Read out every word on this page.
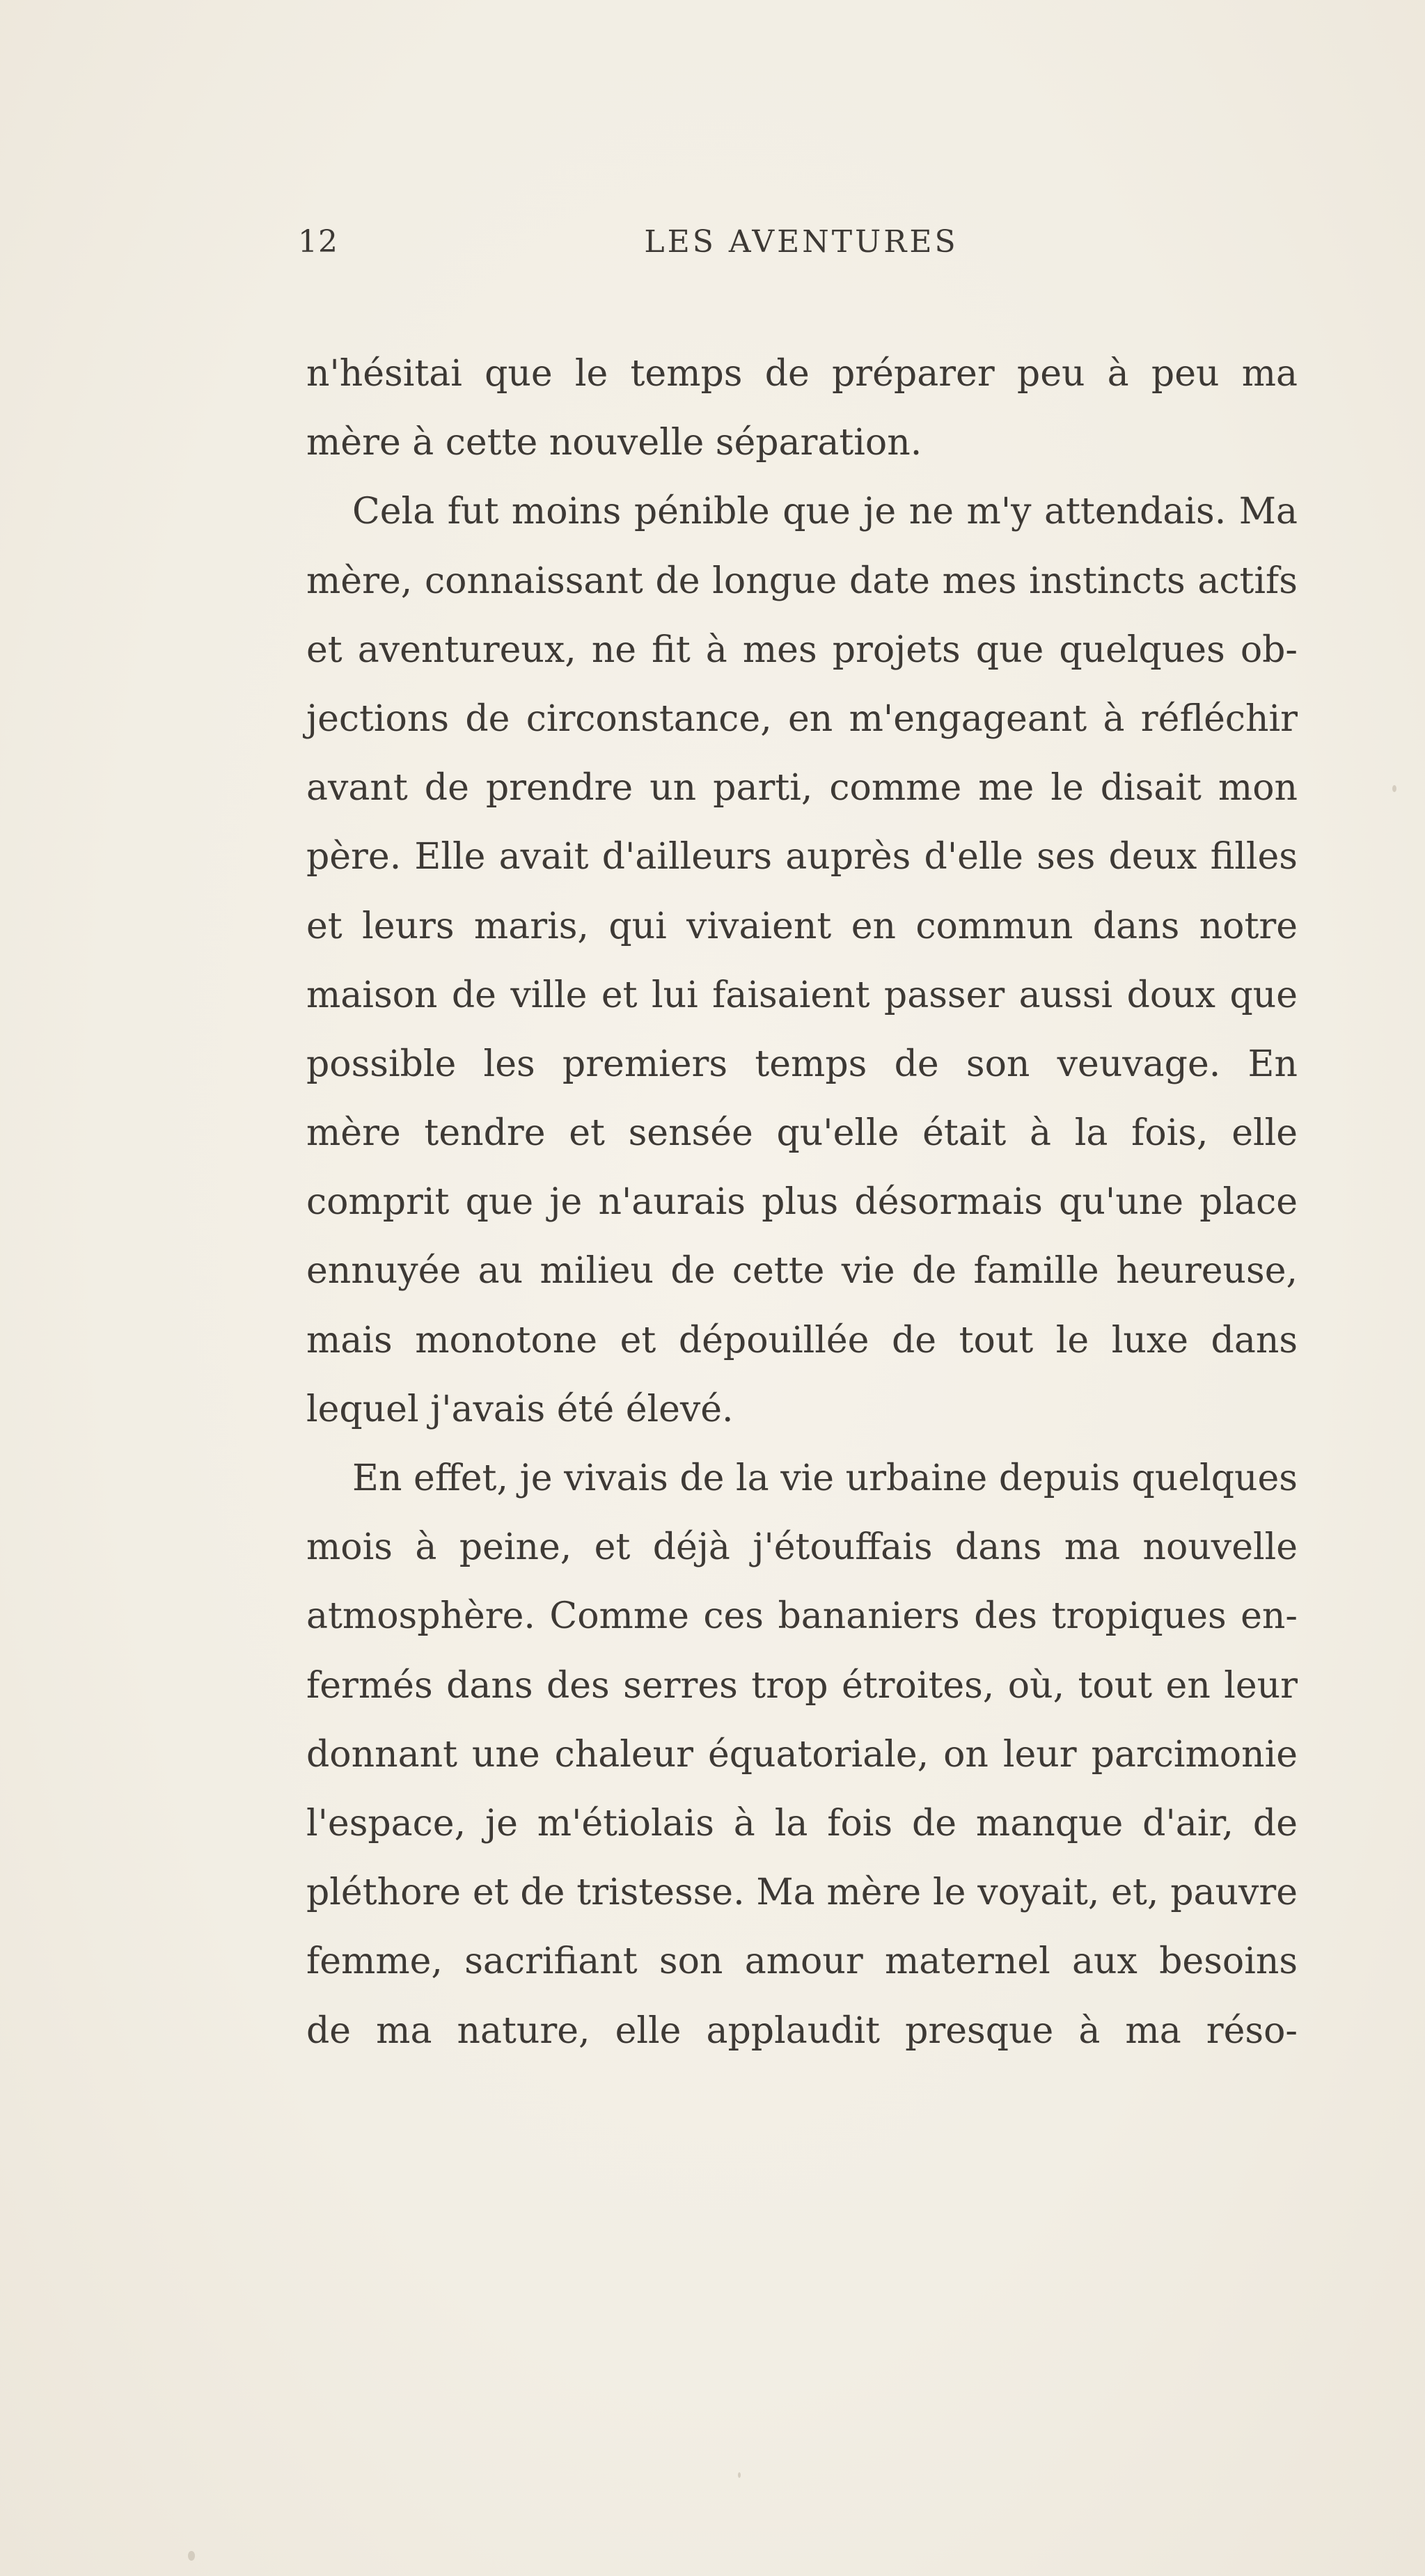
12	LES AVENTURES
n'hésitai que le temps de préparer peu à peu ma
mère à cette nouvelle séparation.
Cela fut moins pénible que je ne m'y attendais. Ma
mère, connaissant de longue date mes instincts actifs
et aventureux, ne fit à mes projets que quelques ob-
jections de circonstance, en m'engageant à réfléchir
avant de prendre un parti, comme me le disait mon
père. Elle avait d'ailleurs auprès d'elle ses deux filles
et leurs maris, qui vivaient en commun dans notre
maison de ville et lui faisaient passer aussi doux que
possible les premiers temps de son veuvage. En
mère tendre et sensée qu'elle était à la fois, elle
comprit que je n'aurais plus désormais qu'une place
ennuyée au milieu de cette vie de famille heureuse,
mais monotone et dépouillée de tout le luxe dans
lequel j'avais été élevé.
En effet, je vivais de la vie urbaine depuis quelques
mois à peine, et déjà j'étouffais dans ma nouvelle
atmosphère. Comme ces bananiers des tropiques en-
fermés dans des serres trop étroites, où, tout en leur
donnant une chaleur équatoriale, on leur parcimonie
l'espace, je m'étiolais à la fois de manque d'air, de
pléthore et de tristesse. Ma mère le voyait, et, pauvre
femme, sacrifiant son amour maternel aux besoins
de ma nature, elle applaudit presque à ma réso-
